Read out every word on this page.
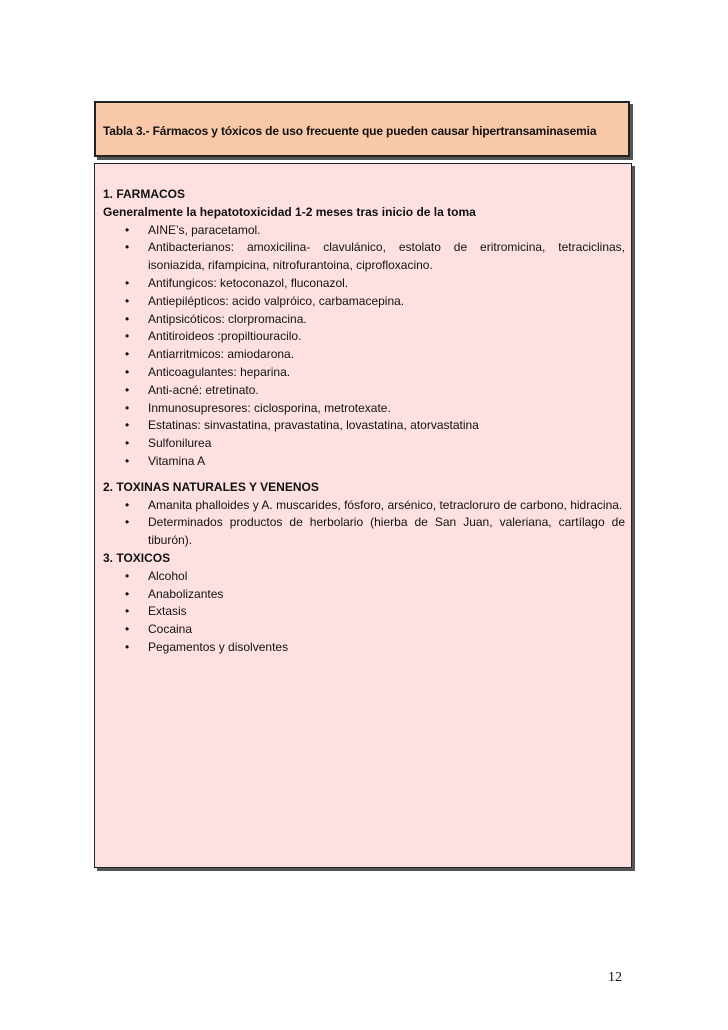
Tabla 3.- Fármacos y tóxicos de uso frecuente que pueden causar hipertransaminasemia
1. FARMACOS
Generalmente la hepatotoxicidad 1-2 meses tras inicio de la toma
• AINE’s, paracetamol.
• Antibacterianos: amoxicilina- clavulánico, estolato de eritromicina, tetraciclinas, isoniazida, rifampicina, nitrofurantoina, ciprofloxacino.
• Antifungicos: ketoconazol, fluconazol.
• Antiepilépticos: acido valpróico, carbamacepina.
• Antipsicóticos: clorpromacina.
• Antitiroideos :propiltiouracilo.
• Antiarritmicos: amiodarona.
• Anticoagulantes: heparina.
• Anti-acné: etretinato.
• Inmunosupresores: ciclosporina, metrotexate.
• Estatinas: sinvastatina, pravastatina, lovastatina, atorvastatina
• Sulfonilurea
• Vitamina A
2. TOXINAS NATURALES Y VENENOS
• Amanita phalloides y A. muscarides, fósforo, arsénico, tetracloruro de carbono, hidracina.
• Determinados productos de herbolario (hierba de San Juan, valeriana, cartílago de tiburón).
3. TOXICOS
• Alcohol
• Anabolizantes
• Extasis
• Cocaina
• Pegamentos y disolventes
12
